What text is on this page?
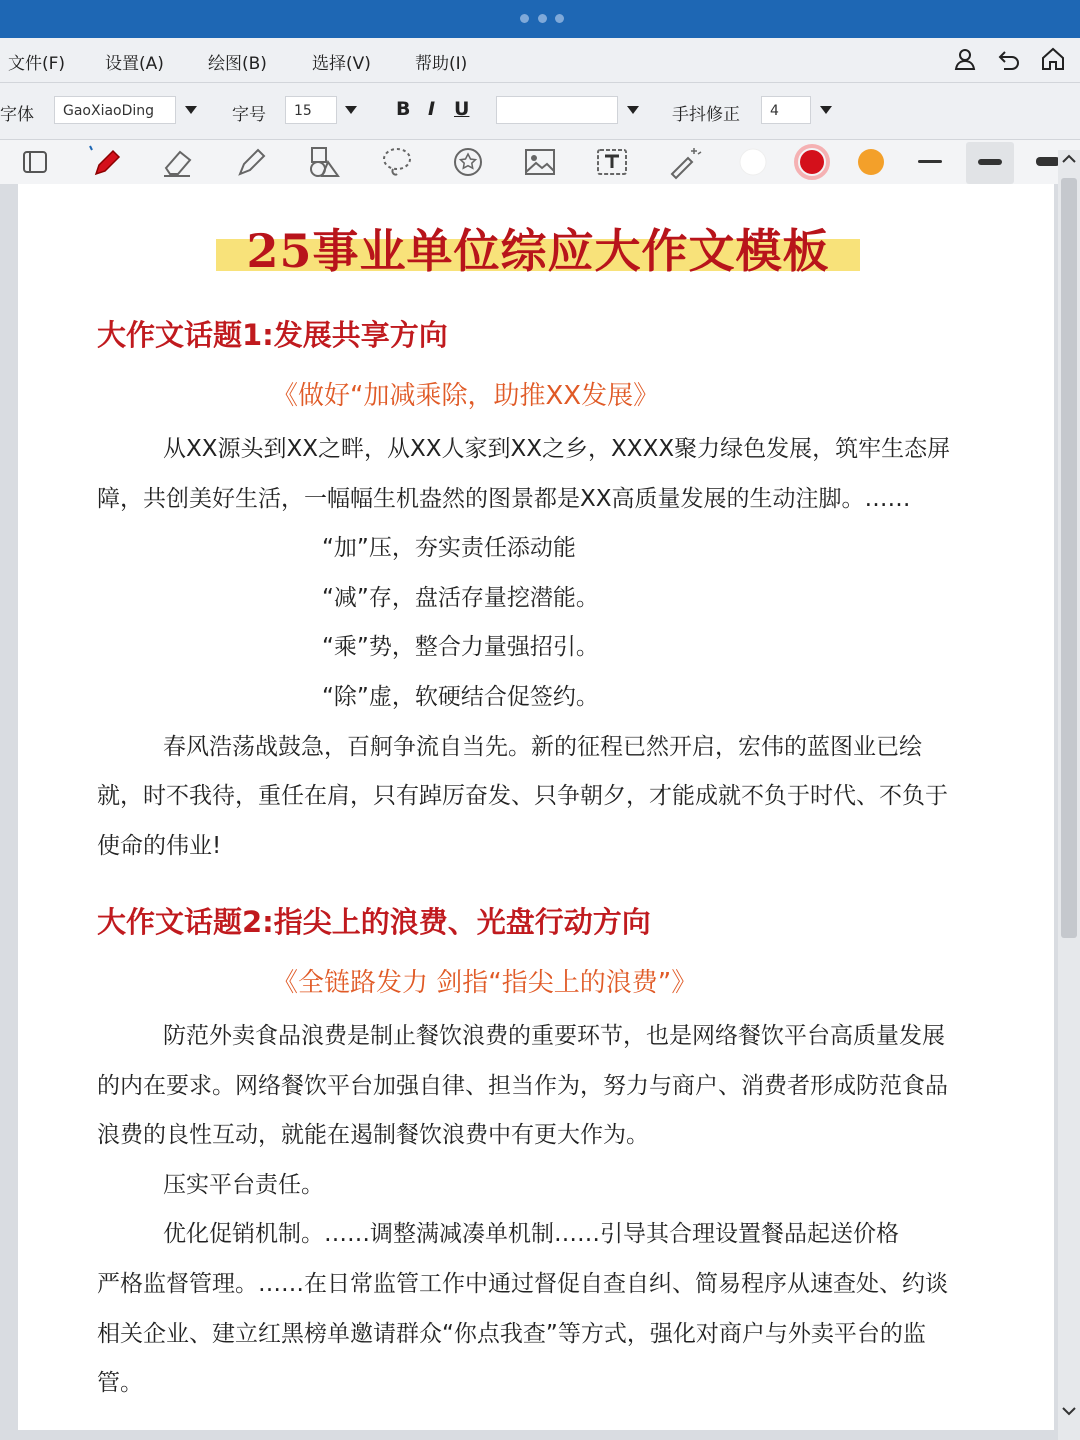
文件(F) 设置(A)	绘图(B)	选择(V)	帮助(I)
字体	GaoXiaoDing	字号	15	B I U	手抖修正	4
25事业单位综应大作文模板
大作文话题1:发展共享方向
《做好“加减乘除，助推XX发展》
从XX源头到XX之畔，从XX人家到XX之乡，XXXX聚力绿色发展，筑牢生态屏
障，共创美好生活，一幅幅生机盎然的图景都是XX高质量发展的生动注脚。……
“加”压，夯实责任添动能
“减”存，盘活存量挖潜能。
“乘”势，整合力量强招引。
“除”虚，软硬结合促签约。
春风浩荡战鼓急，百舸争流自当先。新的征程已然开启，宏伟的蓝图业已绘
就，时不我待，重任在肩，只有踔厉奋发、只争朝夕，才能成就不负于时代、不负于
使命的伟业!
大作文话题2:指尖上的浪费、光盘行动方向
《全链路发力 剑指“指尖上的浪费”》
防范外卖食品浪费是制止餐饮浪费的重要环节，也是网络餐饮平台高质量发展
的内在要求。网络餐饮平台加强自律、担当作为，努力与商户、消费者形成防范食品
浪费的良性互动，就能在遏制餐饮浪费中有更大作为。
压实平台责任。
优化促销机制。……调整满减凑单机制……引导其合理设置餐品起送价格
严格监督管理。……在日常监管工作中通过督促自查自纠、简易程序从速查处、约谈
相关企业、建立红黑榜单邀请群众“你点我查”等方式，强化对商户与外卖平台的监
管。
